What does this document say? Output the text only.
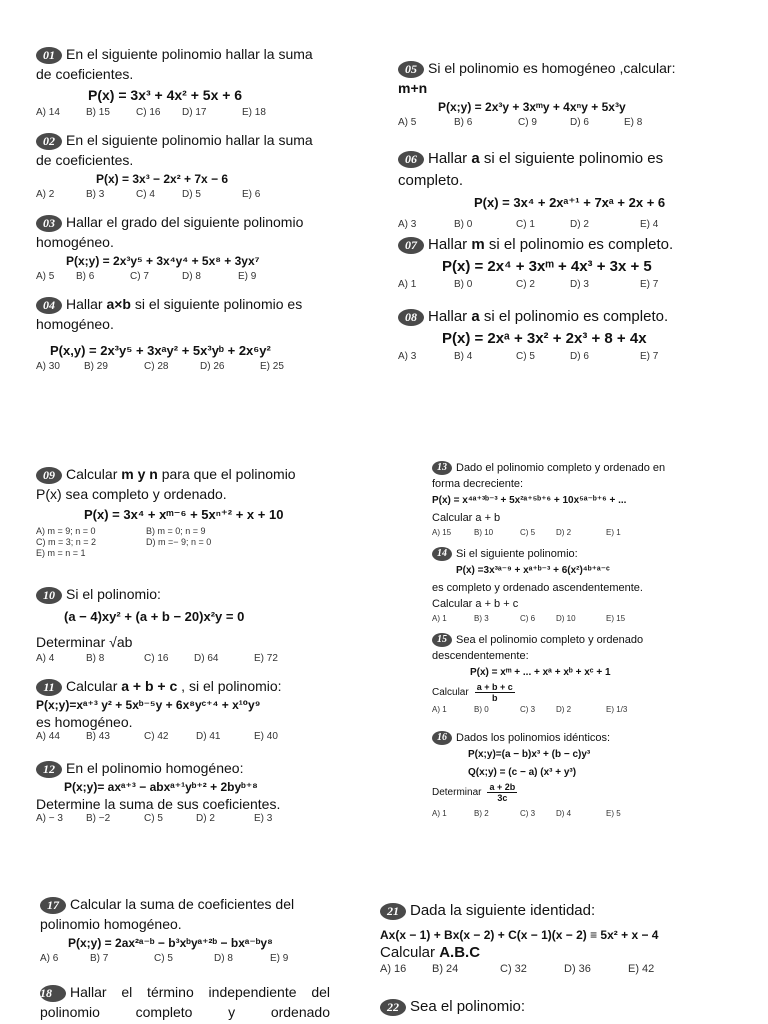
01 En el siguiente polinomio hallar la suma de coeficientes.
P(x) = 3x³ + 4x² + 5x + 6
A) 14	B) 15	C) 16	D) 17	E) 18
02 En el siguiente polinomio hallar la suma de coeficientes.
P(x) = 3x³ − 2x² + 7x − 6
A) 2	B) 3	C) 4	D) 5	E) 6
03 Hallar el grado del siguiente polinomio homogéneo.
P(x;y) = 2x³y⁵ + 3x⁴y⁴ + 5x⁸ + 3yx⁷
A) 5	B) 6	C) 7	D) 8	E) 9
04 Hallar a×b si el siguiente polinomio es homogéneo.
P(x,y) = 2x³y⁵ + 3xᵃy² + 5x³yᵇ + 2x⁶y²
A) 30	B) 29	C) 28	D) 26	E) 25
05 Si el polinomio es homogéneo ,calcular:
m+n
P(x;y) = 2x³y + 3xᵐy + 4xⁿy + 5x³y
A) 5	B) 6	C) 9	D) 6	E) 8
06 Hallar a si el siguiente polinomio es completo.
P(x) = 3x⁴ + 2xᵃ⁺¹ + 7xᵃ + 2x + 6
A) 3	B) 0	C) 1	D) 2	E) 4
07 Hallar m si el polinomio es completo.
P(x) = 2x⁴ + 3xᵐ + 4x³ + 3x + 5
A) 1	B) 0	C) 2	D) 3	E) 7
08 Hallar a si el polinomio es completo.
P(x) = 2xᵃ + 3x² + 2x³ + 8 + 4x
A) 3	B) 4	C) 5	D) 6	E) 7
09 Calcular m y n para que el polinomio
P(x) sea completo y ordenado.
P(x) = 3x⁴ + xᵐ⁻⁶ + 5xⁿ⁺² + x + 10
A) m = 9; n = 0	B) m = 0; n = 9
C) m = 3; n = 2	D) m =− 9; n = 0
E) m = n = 1
10 Si el polinomio:
(a − 4)xy² + (a + b − 20)x²y = 0
Determinar √ab
A) 4	B) 8	C) 16	D) 64	E) 72
11 Calcular a + b + c , si el polinomio:
P(x;y)=xᵃ⁺³ y² + 5xᵇ⁻⁵y + 6x⁸yᶜ⁺⁴ + x¹⁰y⁹
es homogéneo.
A) 44	B) 43	C) 42	D) 41	E) 40
12 En el polinomio homogéneo:
P(x;y)= axᵃ⁺³ − abxᵃ⁺¹yᵇ⁺² + 2byᵇ⁺⁸
Determine la suma de sus coeficientes.
A) − 3	B) −2	C) 5	D) 2	E) 3
13 Dado el polinomio completo y ordenado en forma decreciente:
P(x) = x⁴ᵃ⁺³ᵇ⁻³ + 5x²ᵃ⁺⁵ᵇ⁺⁶ + 10x⁵ᵃ⁻ᵇ⁺⁶ + ...
Calcular a + b
A) 15	B) 10	C) 5	D) 2	E) 1
14 Si el siguiente polinomio:
P(x) =3x³ᵃ⁻⁹ + xᵃ⁺ᵇ⁻³ + 6(x²)⁴ᵇ⁺ᵃ⁻ᶜ
es completo y ordenado ascendentemente.
Calcular a + b + c
A) 1	B) 3	C) 6	D) 10	E) 15
15 Sea el polinomio completo y ordenado descendentemente:
P(x) = xᵐ + ... + xᵃ + xᵇ + xᶜ + 1
Calcular $\frac{a + b + c}{b}$
A) 1	B) 0	C) 3	D) 2	E) 1/3
16 Dados los polinomios idénticos:
P(x;y)=(a − b)x³ + (b − c)y³
Q(x;y) = (c − a) (x³ + y³)
Determinar $\frac{a + 2b}{3c}$
A) 1	B) 2	C) 3	D) 4	E) 5
17 Calcular la suma de coeficientes del polinomio homogéneo.
P(x;y) = 2ax²ᵃ⁻ᵇ − b³xᵇyᵃ⁺²ᵇ − bxᵃ⁻ᵇy⁸
A) 6	B) 7	C) 5	D) 8	E) 9
18 Hallar el término independiente del polinomio completo y ordenado
21 Dada la siguiente identidad:
Ax(x − 1) + Bx(x − 2) + C(x − 1)(x − 2) ≡ 5x² + x − 4
Calcular A.B.C
A) 16	B) 24	C) 32	D) 36	E) 42
22 Sea el polinomio:
